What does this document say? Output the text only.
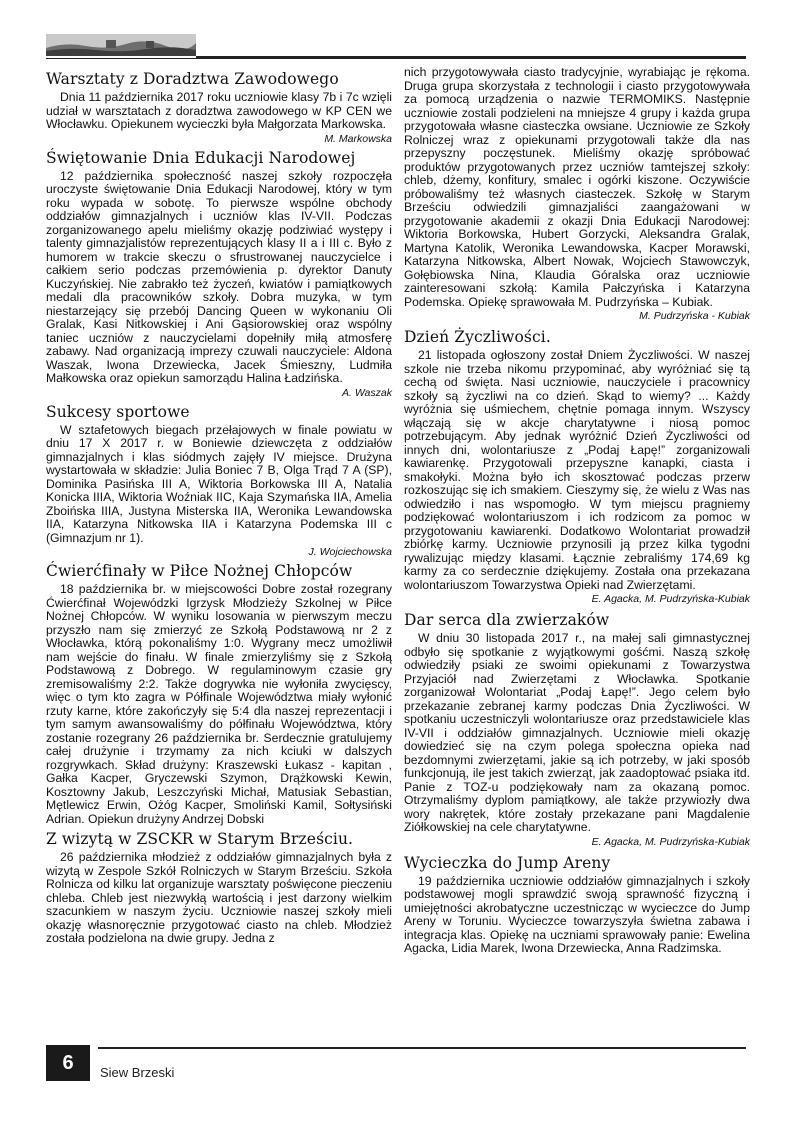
Warsztaty z Doradztwa Zawodowego

Dnia 11 października 2017 roku uczniowie klasy 7b i 7c wzięli udział w warsztatach z doradztwa zawodowego w KP CEN we Włocławku. Opiekunem wycieczki była Małgorzata Markowska.

M. Markowska

Świętowanie Dnia Edukacji Narodowej

12 października społeczność naszej szkoły rozpoczęła uroczyste świętowanie Dnia Edukacji Narodowej, który w tym roku wypada w sobotę. To pierwsze wspólne obchody oddziałów gimnazjalnych i uczniów klas IV-VII. Podczas zorganizowanego apelu mieliśmy okazję podziwiać występy i talenty gimnazjalistów reprezentujących klasy II a i III c. Było z humorem w trakcie skeczu o sfrustrowanej nauczycielce i całkiem serio podczas przemówienia p. dyrektor Danuty Kuczyńskiej. Nie zabrakło też życzeń, kwiatów i pamiątkowych medali dla pracowników szkoły. Dobra muzyka, w tym niestarzejący się przebój Dancing Queen w wykonaniu Oli Gralak, Kasi Nitkowskiej i Ani Gąsiorowskiej oraz wspólny taniec uczniów z nauczycielami dopełniły miłą atmosferę zabawy. Nad organizacją imprezy czuwali nauczyciele: Aldona Waszak, Iwona Drzewiecka, Jacek Śmieszny, Ludmiła Małkowska oraz opiekun samorządu Halina Ładzińska.

A. Waszak

Sukcesy sportowe

W sztafetowych biegach przełajowych w finale powiatu w dniu 17 X 2017 r. w Boniewie dziewczęta z oddziałów gimnazjalnych i klas siódmych zajęły IV miejsce. Drużyna wystartowała w składzie: Julia Boniec 7 B, Olga Trąd 7 A (SP), Dominika Pasińska III A, Wiktoria Borkowska III A, Natalia Konicka IIIA, Wiktoria Woźniak IIC, Kaja Szymańska IIA, Amelia Zboińska IIIA, Justyna Misterska IIA, Weronika Lewandowska IIA, Katarzyna Nitkowska IIA i Katarzyna Podemska III c (Gimnazjum nr 1).

J. Wojciechowska

Ćwierćfinały w Piłce Nożnej Chłopców

18 października br. w miejscowości Dobre został rozegrany Ćwierćfinał Wojewódzki Igrzysk Młodzieży Szkolnej w Piłce Nożnej Chłopców. W wyniku losowania w pierwszym meczu przyszło nam się zmierzyć ze Szkołą Podstawową nr 2 z Włocławka, którą pokonaliśmy 1:0. Wygrany mecz umożliwił nam wejście do finału. W finale zmierzyliśmy się z Szkołą Podstawową z Dobrego. W regulaminowym czasie gry zremisowaliśmy 2:2. Także dogrywka nie wyłoniła zwycięscy, więc o tym kto zagra w Półfinale Województwa miały wyłonić rzuty karne, które zakończyły się 5:4 dla naszej reprezentacji i tym samym awansowaliśmy do półfinału Województwa, który zostanie rozegrany 26 października br. Serdecznie gratulujemy całej drużynie i trzymamy za nich kciuki w dalszych rozgrywkach. Skład drużyny: Kraszewski Łukasz - kapitan , Gałka Kacper, Gryczewski Szymon, Drążkowski Kewin, Kosztowny Jakub, Leszczyński Michał, Matusiak Sebastian, Mętlewicz Erwin, Ożóg Kacper, Smoliński Kamil, Sołtysiński Adrian. Opiekun drużyny Andrzej Dobski

Z wizytą w ZSCKR w Starym Brześciu.

26 października młodzież z oddziałów gimnazjalnych była z wizytą w Zespole Szkół Rolniczych w Starym Brześciu. Szkoła Rolnicza od kilku lat organizuje warsztaty poświęcone pieczeniu chleba. Chleb jest niezwykłą wartością i jest darzony wielkim szacunkiem w naszym życiu. Uczniowie naszej szkoły mieli okazję własnoręcznie przygotować ciasto na chleb. Młodzież została podzielona na dwie grupy. Jedna z

nich przygotowywała ciasto tradycyjnie, wyrabiając je rękoma. Druga grupa skorzystała z technologii i ciasto przygotowywała za pomocą urządzenia o nazwie TERMOMIKS. Następnie uczniowie zostali podzieleni na mniejsze 4 grupy i każda grupa przygotowała własne ciasteczka owsiane. Uczniowie ze Szkoły Rolniczej wraz z opiekunami przygotowali także dla nas przepyszny poczęstunek. Mieliśmy okazję spróbować produktów przygotowanych przez uczniów tamtejszej szkoły: chleb, dżemy, konfitury, smalec i ogórki kiszone. Oczywiście próbowaliśmy też własnych ciasteczek. Szkołę w Starym Brześciu odwiedzili gimnazjaliści zaangażowani w przygotowanie akademii z okazji Dnia Edukacji Narodowej: Wiktoria Borkowska, Hubert Gorzycki, Aleksandra Gralak, Martyna Katolik, Weronika Lewandowska, Kacper Morawski, Katarzyna Nitkowska, Albert Nowak, Wojciech Stawowczyk, Gołębiowska Nina, Klaudia Góralska oraz uczniowie zainteresowani szkołą: Kamila Pałczyńska i Katarzyna Podemska. Opiekę sprawowała M. Pudrzyńska – Kubiak.

M. Pudrzyńska - Kubiak

Dzień Życzliwości.

21 listopada ogłoszony został Dniem Życzliwości. W naszej szkole nie trzeba nikomu przypominać, aby wyróżniać się tą cechą od święta. Nasi uczniowie, nauczyciele i pracownicy szkoły są życzliwi na co dzień. Skąd to wiemy? ... Każdy wyróżnia się uśmiechem, chętnie pomaga innym. Wszyscy włączają się w akcje charytatywne i niosą pomoc potrzebującym. Aby jednak wyróżnić Dzień Życzliwości od innych dni, wolontariusze z „Podaj Łapę!” zorganizowali kawiarenkę. Przygotowali przepyszne kanapki, ciasta i smakołyki. Można było ich skosztować podczas przerw rozkoszując się ich smakiem. Cieszymy się, że wielu z Was nas odwiedziło i nas wspomogło. W tym miejscu pragniemy podziękować wolontariuszom i ich rodzicom za pomoc w przygotowaniu kawiarenki. Dodatkowo Wolontariat prowadził zbiórkę karmy. Uczniowie przynosili ją przez kilka tygodni rywalizując między klasami. Łącznie zebraliśmy 174,69 kg karmy za co serdecznie dziękujemy. Została ona przekazana wolontariuszom Towarzystwa Opieki nad Zwierzętami.

E. Agacka, M. Pudrzyńska-Kubiak

Dar serca dla zwierzaków

W dniu 30 listopada 2017 r., na małej sali gimnastycznej odbyło się spotkanie z wyjątkowymi gośćmi. Naszą szkołę odwiedziły psiaki ze swoimi opiekunami z Towarzystwa Przyjaciół nad Zwierzętami z Włocławka. Spotkanie zorganizował Wolontariat „Podaj Łapę!”. Jego celem było przekazanie zebranej karmy podczas Dnia Życzliwości. W spotkaniu uczestniczyli wolontariusze oraz przedstawiciele klas IV-VII i oddziałów gimnazjalnych. Uczniowie mieli okazję dowiedzieć się na czym polega społeczna opieka nad bezdomnymi zwierzętami, jakie są ich potrzeby, w jaki sposób funkcjonują, ile jest takich zwierząt, jak zaadoptować psiaka itd. Panie z TOZ-u podziękowały nam za okazaną pomoc. Otrzymaliśmy dyplom pamiątkowy, ale także przywiozły dwa wory nakrętek, które zostały przekazane pani Magdalenie Ziółkowskiej na cele charytatywne.

E. Agacka, M. Pudrzyńska-Kubiak

Wycieczka do Jump Areny

19 października uczniowie oddziałów gimnazjalnych i szkoły podstawowej mogli sprawdzić swoją sprawność fizyczną i umiejętności akrobatyczne uczestnicząc w wycieczce do Jump Areny w Toruniu. Wycieczce towarzyszyła świetna zabawa i integracja klas. Opiekę na uczniami sprawowały panie: Ewelina Agacka, Lidia Marek, Iwona Drzewiecka, Anna Radzimska.

6	Siew Brzeski
